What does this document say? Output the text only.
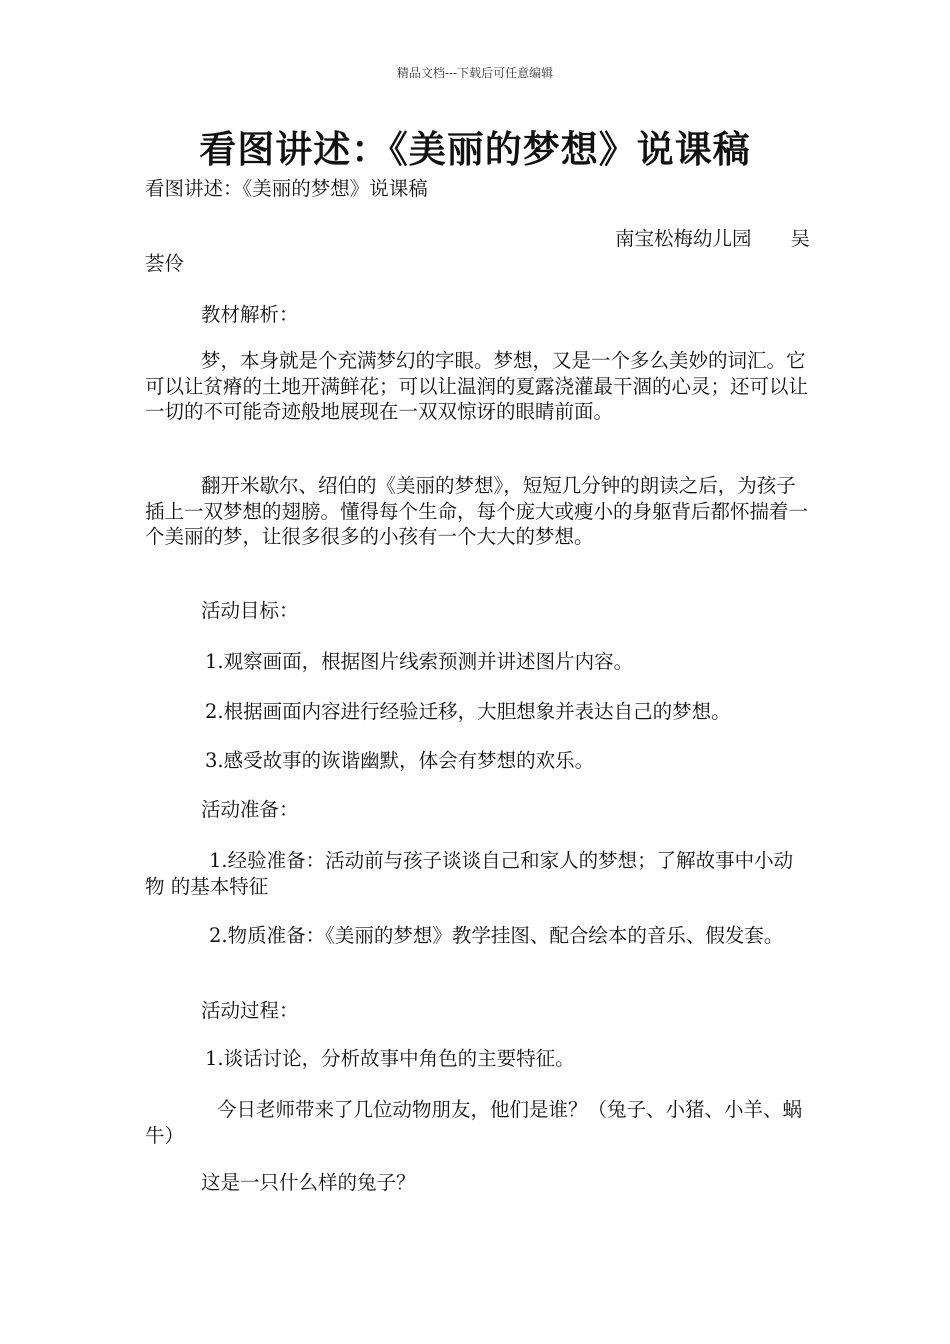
精品文档---下载后可任意编辑
看图讲述：《美丽的梦想》说课稿

看图讲述：《美丽的梦想》说课稿

南宝松梅幼儿园　　吴

荟伶

教材解析：

梦，本身就是个充满梦幻的字眼。梦想，又是一个多么美妙的词汇。它可以让贫瘠的土地开满鲜花；可以让温润的夏露浇灌最干涸的心灵；还可以让一切的不可能奇迹般地展现在一双双惊讶的眼睛前面。

翻开米歇尔、绍伯的《美丽的梦想》，短短几分钟的朗读之后，为孩子插上一双梦想的翅膀。懂得每个生命，每个庞大或瘦小的身躯背后都怀揣着一个美丽的梦，让很多很多的小孩有一个大大的梦想。

活动目标：

1.观察画面，根据图片线索预测并讲述图片内容。

2.根据画面内容进行经验迁移，大胆想象并表达自己的梦想。

3.感受故事的诙谐幽默，体会有梦想的欢乐。

活动准备：

1.经验准备：活动前与孩子谈谈自己和家人的梦想；了解故事中小动物 的基本特征

2.物质准备：《美丽的梦想》教学挂图、配合绘本的音乐、假发套。

活动过程：

1.谈话讨论，分析故事中角色的主要特征。

今日老师带来了几位动物朋友，他们是谁？（兔子、小猪、小羊、蜗牛）

这是一只什么样的兔子？
